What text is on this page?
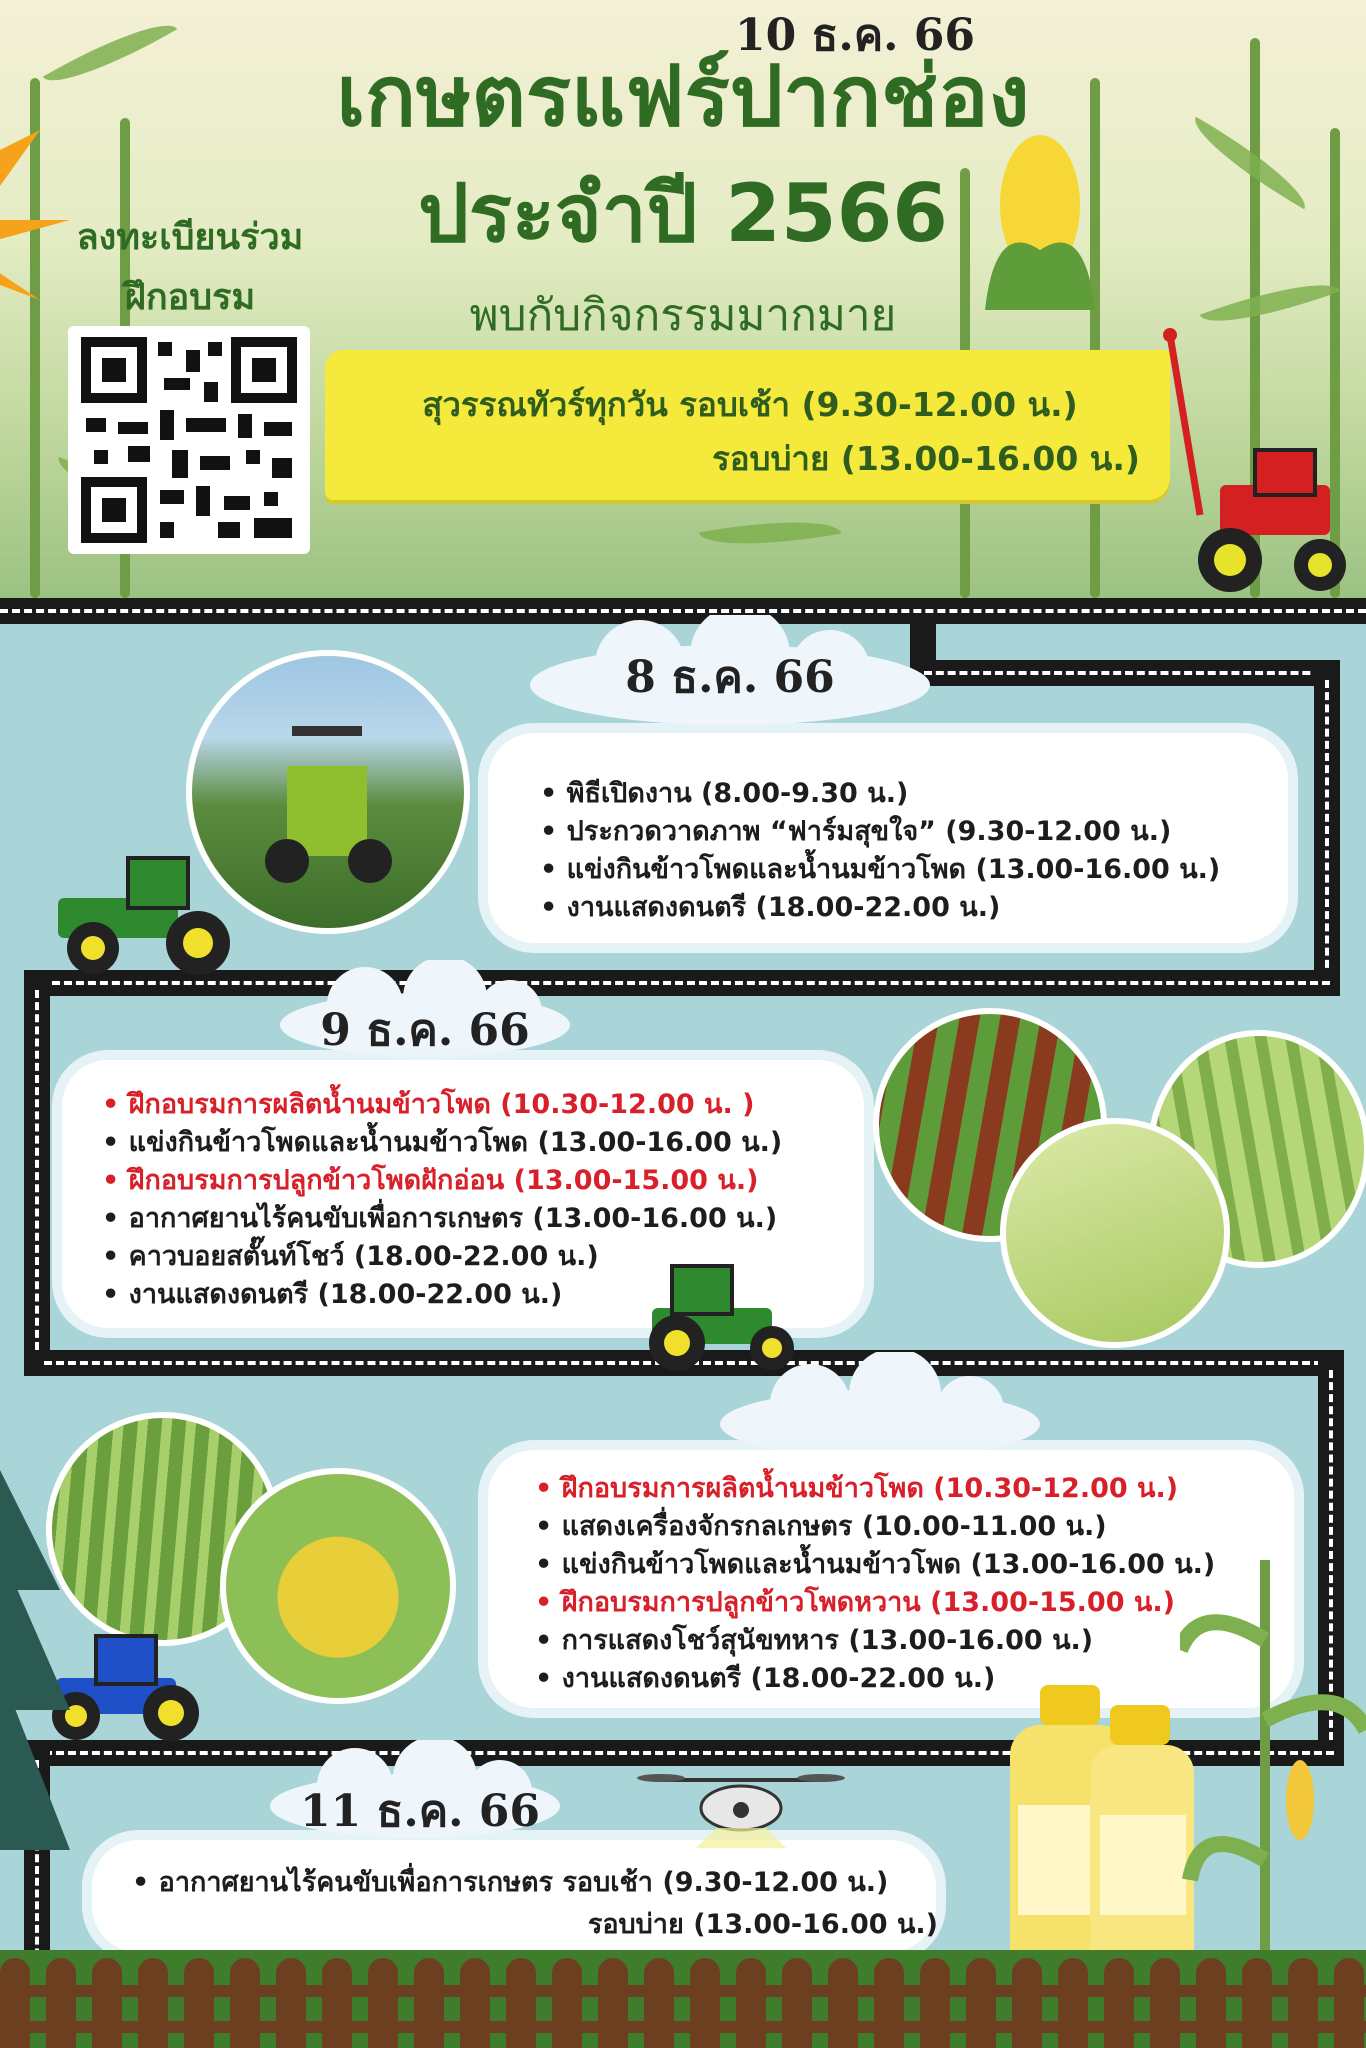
เกษตรแฟร์ปากช่อง
ประจำปี 2566
พบกับกิจกรรมมากมาย
สุวรรณทัวร์ทุกวัน รอบเช้า (9.30-12.00 น.)
รอบบ่าย (13.00-16.00 น.)
ลงทะเบียนร่วม
ฝึกอบรม
8 ธ.ค. 66
• พิธีเปิดงาน (8.00-9.30 น.)
• ประกวดวาดภาพ “ฟาร์มสุขใจ” (9.30-12.00 น.)
• แข่งกินข้าวโพดและน้ำนมข้าวโพด (13.00-16.00 น.)
• งานแสดงดนตรี (18.00-22.00 น.)
9 ธ.ค. 66
• ฝึกอบรมการผลิตน้ำนมข้าวโพด (10.30-12.00 น. )
• แข่งกินข้าวโพดและน้ำนมข้าวโพด (13.00-16.00 น.)
• ฝึกอบรมการปลูกข้าวโพดฝักอ่อน (13.00-15.00 น.)
• อากาศยานไร้คนขับเพื่อการเกษตร (13.00-16.00 น.)
• คาวบอยสตั๊นท์โชว์ (18.00-22.00 น.)
• งานแสดงดนตรี (18.00-22.00 น.)
10 ธ.ค. 66
• ฝึกอบรมการผลิตน้ำนมข้าวโพด (10.30-12.00 น.)
• แสดงเครื่องจักรกลเกษตร (10.00-11.00 น.)
• แข่งกินข้าวโพดและน้ำนมข้าวโพด (13.00-16.00 น.)
• ฝึกอบรมการปลูกข้าวโพดหวาน (13.00-15.00 น.)
• การแสดงโชว์สุนัขทหาร (13.00-16.00 น.)
• งานแสดงดนตรี (18.00-22.00 น.)
11 ธ.ค. 66
• อากาศยานไร้คนขับเพื่อการเกษตร รอบเช้า (9.30-12.00 น.)
รอบบ่าย (13.00-16.00 น.)
